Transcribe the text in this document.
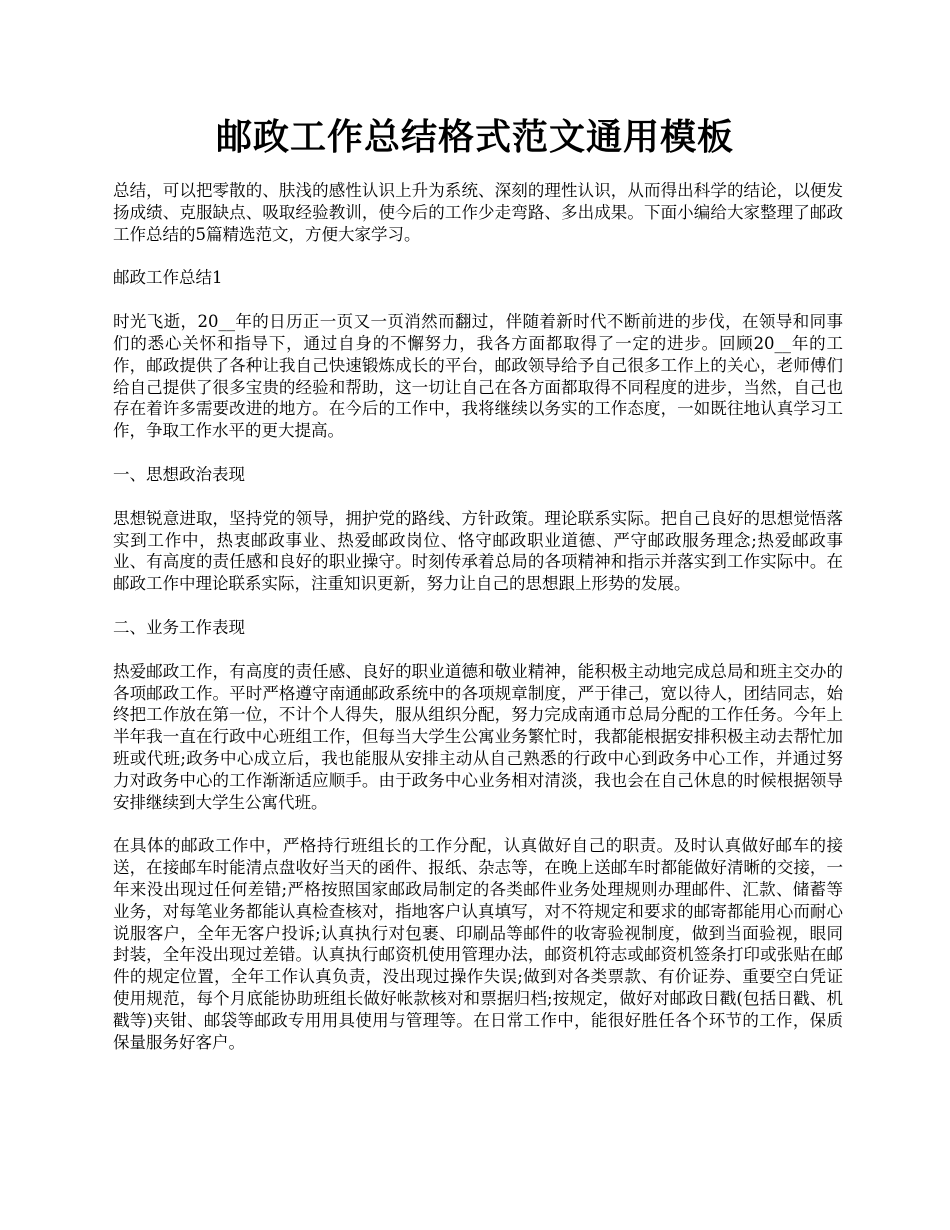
邮政工作总结格式范文通用模板

总结，可以把零散的、肤浅的感性认识上升为系统、深刻的理性认识，从而得出科学的结论，以便发扬成绩、克服缺点、吸取经验教训，使今后的工作少走弯路、多出成果。下面小编给大家整理了邮政工作总结的5篇精选范文，方便大家学习。

邮政工作总结1

时光飞逝，20__年的日历正一页又一页消然而翻过，伴随着新时代不断前进的步伐，在领导和同事们的悉心关怀和指导下，通过自身的不懈努力，我各方面都取得了一定的进步。回顾20__年的工作，邮政提供了各种让我自己快速锻炼成长的平台，邮政领导给予自己很多工作上的关心，老师傅们给自己提供了很多宝贵的经验和帮助，这一切让自己在各方面都取得不同程度的进步，当然，自己也存在着许多需要改进的地方。在今后的工作中，我将继续以务实的工作态度，一如既往地认真学习工作，争取工作水平的更大提高。

一、思想政治表现

思想锐意进取，坚持党的领导，拥护党的路线、方针政策。理论联系实际。把自己良好的思想觉悟落实到工作中，热衷邮政事业、热爱邮政岗位、恪守邮政职业道德、严守邮政服务理念;热爱邮政事业、有高度的责任感和良好的职业操守。时刻传承着总局的各项精神和指示并落实到工作实际中。在邮政工作中理论联系实际，注重知识更新，努力让自己的思想跟上形势的发展。

二、业务工作表现

热爱邮政工作，有高度的责任感、良好的职业道德和敬业精神，能积极主动地完成总局和班主交办的各项邮政工作。平时严格遵守南通邮政系统中的各项规章制度，严于律己，宽以待人，团结同志，始终把工作放在第一位，不计个人得失，服从组织分配，努力完成南通市总局分配的工作任务。今年上半年我一直在行政中心班组工作，但每当大学生公寓业务繁忙时，我都能根据安排积极主动去帮忙加班或代班;政务中心成立后，我也能服从安排主动从自己熟悉的行政中心到政务中心工作，并通过努力对政务中心的工作渐渐适应顺手。由于政务中心业务相对清淡，我也会在自己休息的时候根据领导安排继续到大学生公寓代班。

在具体的邮政工作中，严格持行班组长的工作分配，认真做好自己的职责。及时认真做好邮车的接送，在接邮车时能清点盘收好当天的函件、报纸、杂志等，在晚上送邮车时都能做好清晰的交接，一年来没出现过任何差错;严格按照国家邮政局制定的各类邮件业务处理规则办理邮件、汇款、储蓄等业务，对每笔业务都能认真检查核对，指地客户认真填写，对不符规定和要求的邮寄都能用心而耐心说服客户，全年无客户投诉;认真执行对包裹、印刷品等邮件的收寄验视制度，做到当面验视，眼同封装，全年没出现过差错。认真执行邮资机使用管理办法，邮资机符志或邮资机签条打印或张贴在邮件的规定位置，全年工作认真负责，没出现过操作失误;做到对各类票款、有价证券、重要空白凭证使用规范，每个月底能协助班组长做好帐款核对和票据归档;按规定，做好对邮政日戳(包括日戳、机戳等)夹钳、邮袋等邮政专用用具使用与管理等。在日常工作中，能很好胜任各个环节的工作，保质保量服务好客户。
